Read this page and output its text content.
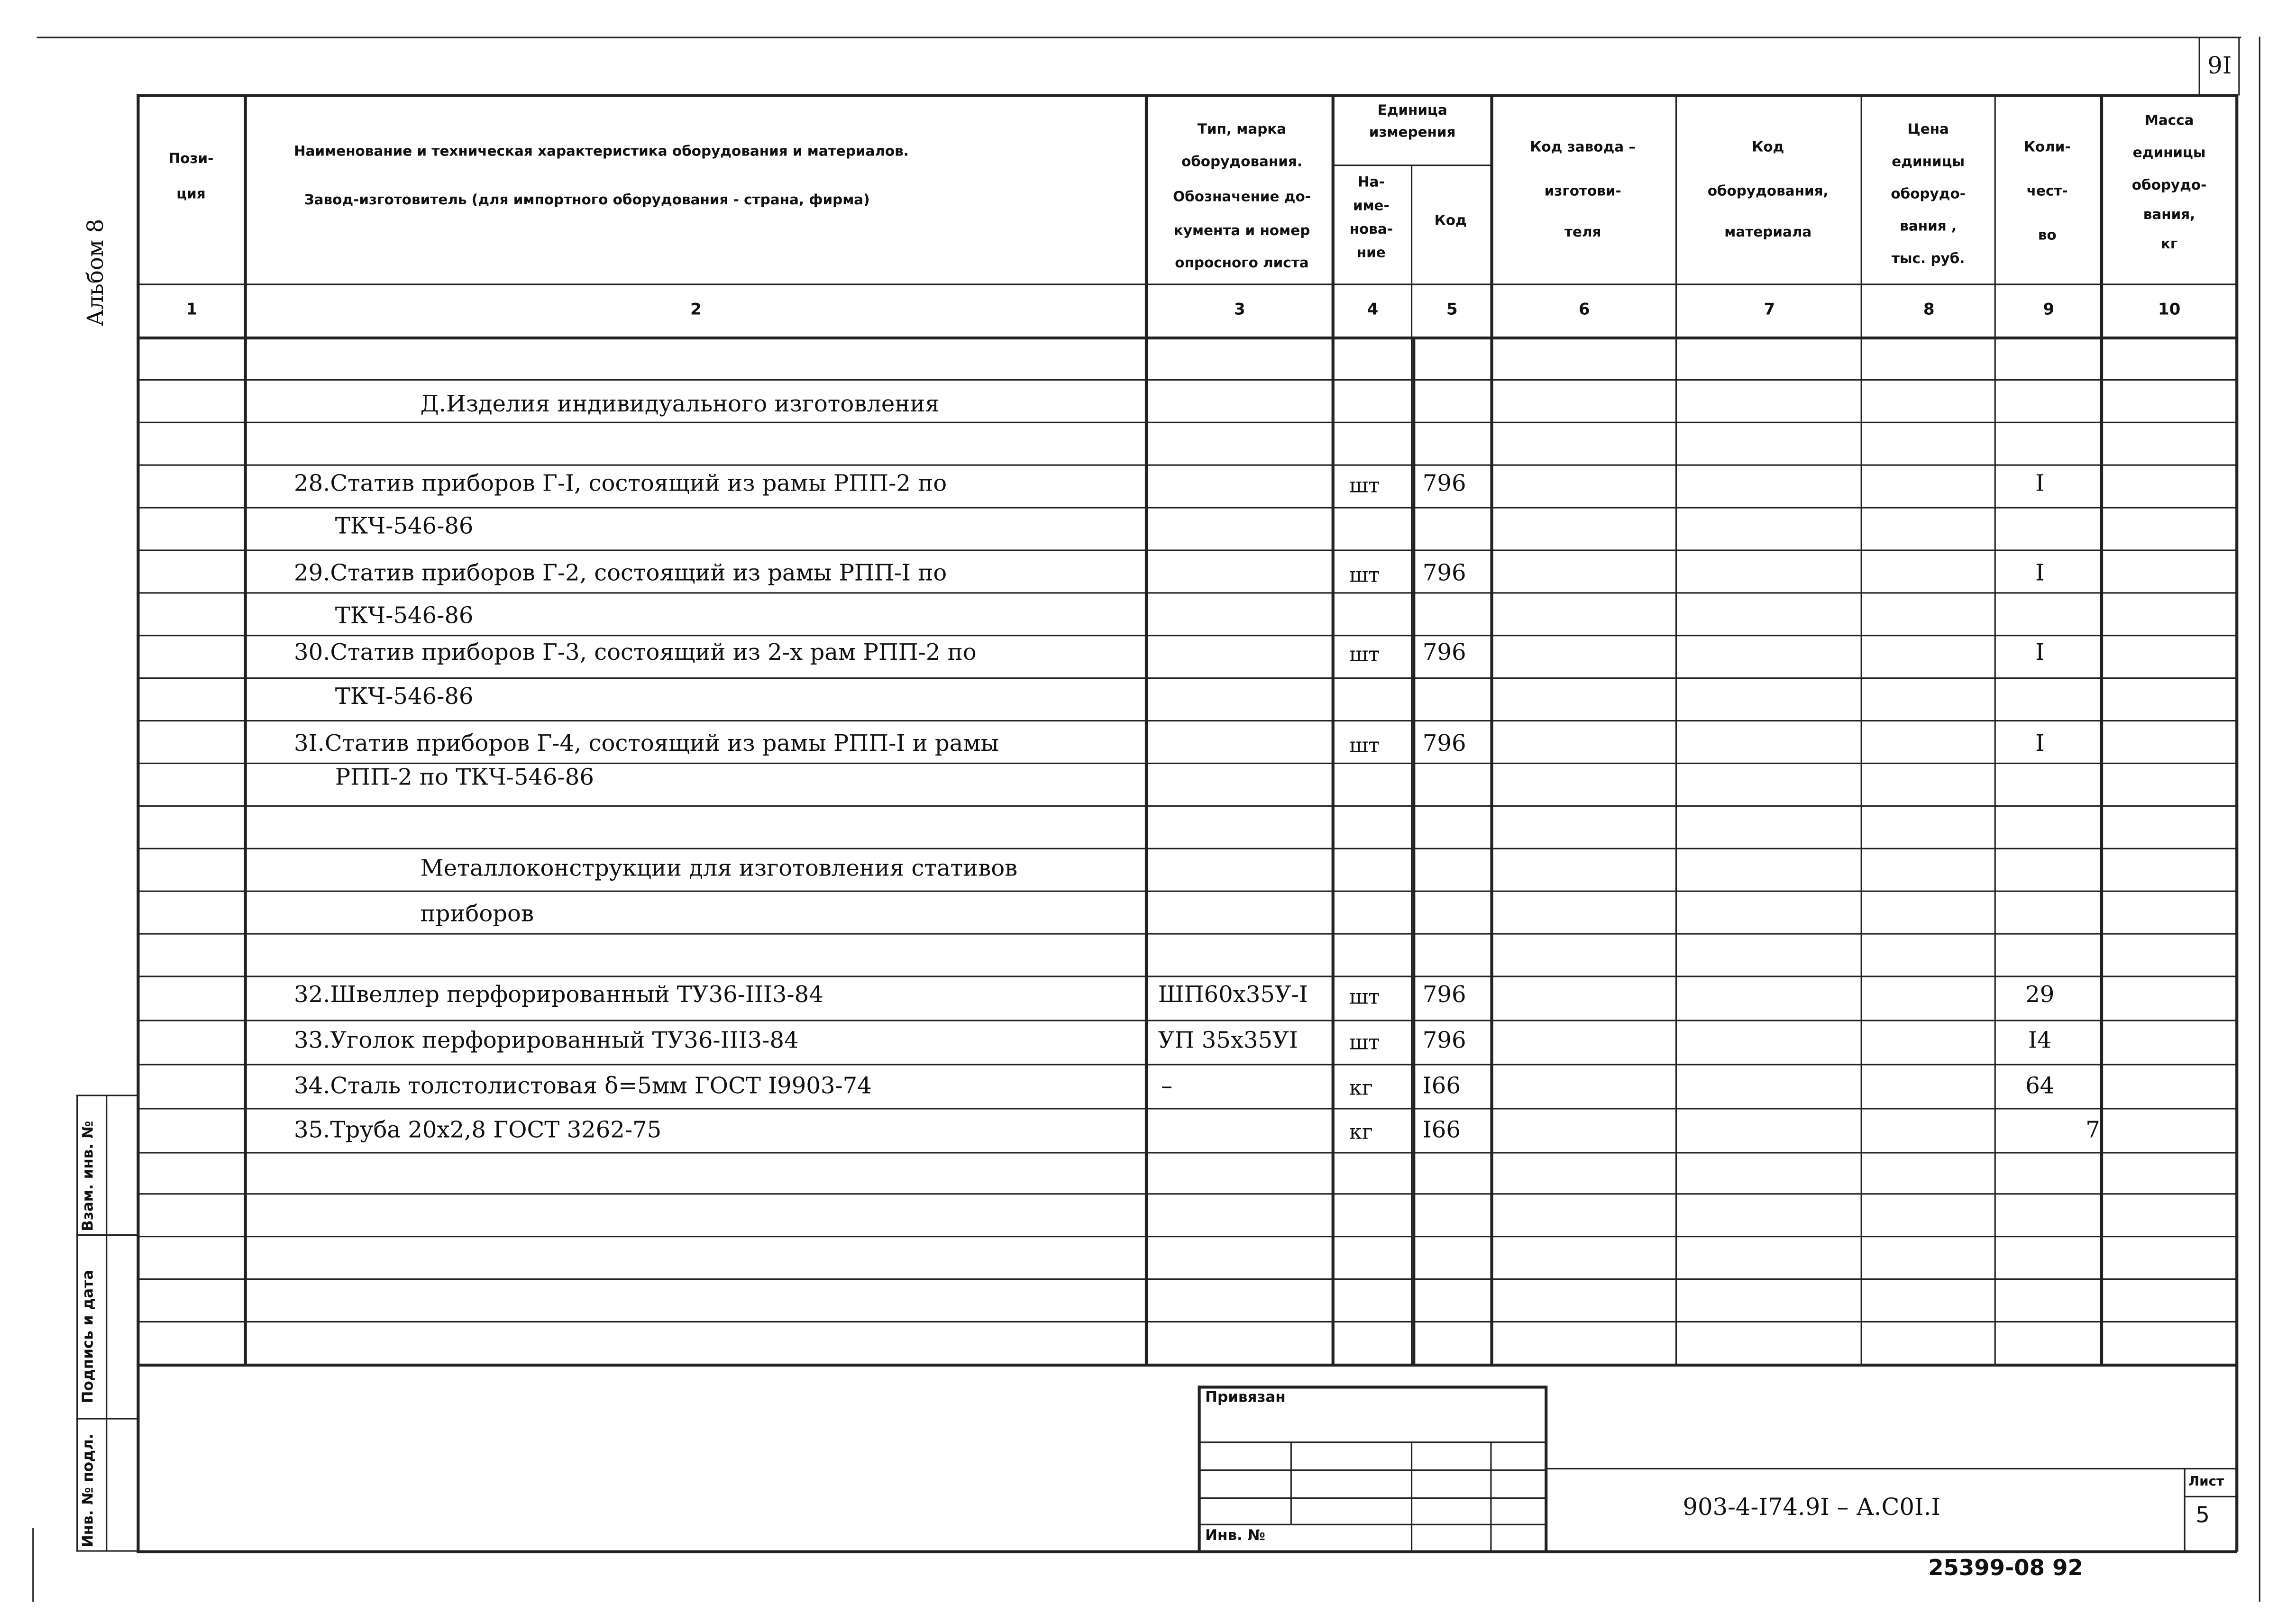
9I
Альбом 8
Взам. инв. №
Подпись и дата
Инв. № подл.
Пози-
ция
Наименование и техническая характеристика оборудования и материалов.
Завод-изготовитель (для импортного оборудования - страна, фирма)
Тип, марка
оборудования.
Обозначение до-
кумента и номер
опросного листа
Единица
измерения
На-
име-
нова-
ние
Код
Код завода –
изготови-
теля
Код
оборудования,
материала
Цена
единицы
оборудо-
вания ,
тыс. руб.
Коли-
чест-
во
Масса
единицы
оборудо-
вания,
кг
1	2	3	4	5	6	7	8	9	10
Д.Изделия индивидуального изготовления
28.Статив приборов Г-I, состоящий из рамы РПП-2 по	шт	796	I
ТКЧ-546-86
29.Статив приборов Г-2, состоящий из рамы РПП-I по	шт	796	I
ТКЧ-546-86
30.Статив приборов Г-3, состоящий из 2-х рам РПП-2 по	шт	796	I
ТКЧ-546-86
3I.Статив приборов Г-4, состоящий из рамы РПП-I и рамы	шт	796	I
РПП-2 по ТКЧ-546-86
Металлоконструкции для изготовления стативов
приборов
32.Швеллер перфорированный ТУ36-III3-84	ШП60х35У-I	шт	796	29
33.Уголок перфорированный ТУ36-III3-84	УП 35х35УI	шт	796	I4
34.Сталь толстолистовая δ=5мм ГОСТ I9903-74	–	кг	I66	64
35.Труба 20х2,8 ГОСТ 3262-75	кг	I66	7
Привязан
Инв. №
903-4-I74.9I – А.С0I.I
Лист
5
25399-08 92
